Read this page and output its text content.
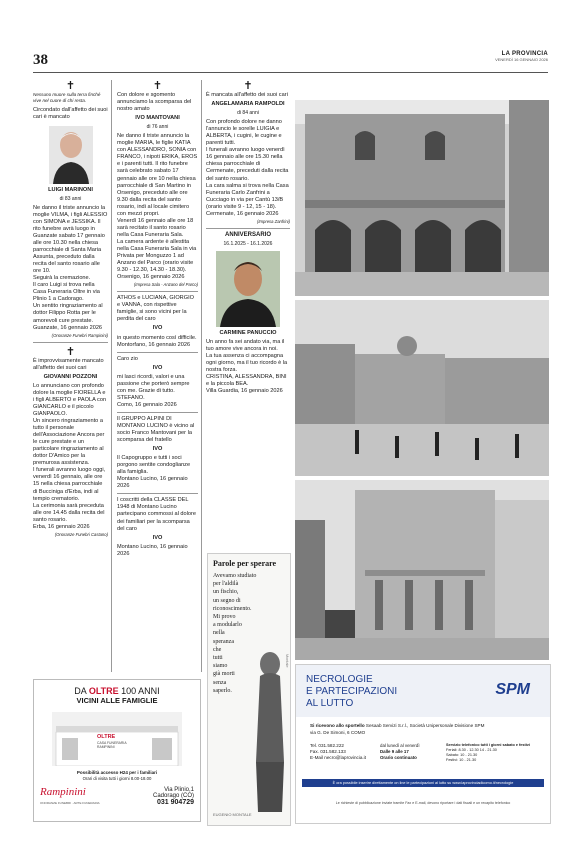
38	LA PROVINCIA
VENERDÌ 16 GENNAIO 2026
✝

Nessuno muore sulla terra finché vive nel cuore di chi resta.

Circondato dall'affetto dei suoi cari è mancato

LUIGI MARINONI
di 83 anni

Ne danno il triste annuncio la moglie VILMA, i figli ALESSIO con SIMONA e JESSIKA. Il rito funebre avrà luogo in Guanzate sabato 17 gennaio alle ore 10.30 nella chiesa parrocchiale di Santa Maria Assunta, preceduto dalla recita del santo rosario alle ore 10.

Seguirà la cremazione.

Il caro Luigi si trova nella Casa Funeraria Oltre in via Plinio 1 a Cadorago.

Un sentito ringraziamento al dottor Filippo Rotta per le amorevoli cure prestate.

Guanzate, 16 gennaio 2026

(Onoranze Funebri Rampinini)
✝

È improvvisamente mancato all'affetto dei suoi cari

GIOVANNI POZZONI

Lo annunciano con profondo dolore la moglie FIORELLA e i figli ALBERTO e PAOLA con GIANCARLO e il piccolo GIANPAOLO.

Un sincero ringraziamento a tutto il personale dell'Associazione Ancora per le cure prestate e un particolare ringraziamento al dottor D'Amico per la premurosa assistenza.

I funerali avranno luogo oggi, venerdì 16 gennaio, alle ore 15 nella chiesa parrocchiale di Bucciniga d'Erba, indi al tempio crematorio.

La cerimonia sarà preceduta alle ore 14.45 dalla recita del santo rosario.

Erba, 16 gennaio 2026

(Onoranze Funebri Castano)
✝

Con dolore e sgomento annunciamo la scomparsa del nostro amato

IVO MANTOVANI
di 76 anni

Ne danno il triste annuncio la moglie MARIA, le figlie KATIA con ALESSANDRO, SONIA con FRANCO, i nipoti ERIKA, EROS e i parenti tutti. Il rito funebre sarà celebrato sabato 17 gennaio alle ore 10 nella chiesa parrocchiale di San Martino in Orsenigo, preceduto alle ore 9.30 dalla recita del santo rosario, indi al locale cimitero con mezzi propri.

Venerdì 16 gennaio alle ore 18 sarà recitato il santo rosario nella Casa Funeraria Sala.

La camera ardente è allestita nella Casa Funeraria Sala in via Privata per Monguzzo 1 ad Anzano del Parco (orario visite 9.30 - 12.30, 14.30 - 18.30).

Orsenigo, 16 gennaio 2026

(Impresa Sala - Anzano del Parco)

ATHOS e LUCIANA, GIORGIO e VANNA, con rispettive famiglie, si sono vicini per la perdita del caro

IVO

in questo momento così difficile.

Montorfano, 16 gennaio 2026

Caro zio

IVO

mi lasci ricordi, valori e una passione che porterò sempre con me. Grazie di tutto.

STEFANO.

Como, 16 gennaio 2026

Il GRUPPO ALPINI DI MONTANO LUCINO è vicino al socio Franco Mantovani per la scomparsa del fratello

IVO

Il Capogruppo e tutti i soci porgono sentite condoglianze alla famiglia.

Montano Lucino, 16 gennaio 2026

I coscritti della CLASSE DEL 1948 di Montano Lucino partecipano commossi al dolore dei familiari per la scomparsa del caro

IVO

Montano Lucino, 16 gennaio 2026

✝

È mancata all'affetto dei suoi cari

ANGELAMARIA RAMPOLDI
di 84 anni

Con profondo dolore ne danno l'annuncio le sorelle LUIGIA e ALBERTA, i cugini, le cugine e parenti tutti.

I funerali avranno luogo venerdì 16 gennaio alle ore 15.30 nella chiesa parrocchiale di Cermenate, preceduti dalla recita del santo rosario.

La cara salma si trova nella Casa Funeraria Carlo Zanfrini a Cucciago in via per Cantù 13/B (orario visite 9 - 12, 15 - 18).

Cermenate, 16 gennaio 2026

(Impresa Zanfrini)
ANNIVERSARIO
16.1.2025 - 16.1.2026
CARMINE PANUCCIO

Un anno fa sei andato via, ma il tuo amore vive ancora in noi.

La tua assenza ci accompagna ogni giorno, ma il tuo ricordo è la nostra forza.

CRISTINA, ALESSANDRA, BINI e la piccola BEA.

Villa Guardia, 16 gennaio 2026

Parole per sperare
Avevamo studiato
per l'aldilà
un fischio,
un segno di
riconoscimento.
Mi provo
a modularlo
nella
speranza
che
tutti
siamo
già morti
senza
saperlo.
Montale
EUGENIO MONTALE
DA OLTRE 100 ANNI
VICINI ALLE FAMIGLIE
OLTRE
CASA FUNERARIA
RAMPININI
Possibilità accesso H24 per i familiari
Orari di visita tutti i giorni 8.00-18.00
Rampinini
ONORANZE FUNEBRI · ARTE FUNERARIA
Via Plinio,1
Cadorago (CO)
031 904729
NECROLOGIE
E PARTECIPAZIONI
AL LUTTO
SPM
Si ricevono allo sportello Sesaab Servizi S.r.l., Società Unipersonale Divisione SPM
via G. De Simoni, 6 COMO
Tel. 031.582.222
Fax. 031.582.133
E-Mail necro@laprovincia.it
dal lunedì al venerdì
Dalle 9 alle 17
Orario continuato
Servizio telefonico tutti i giorni sabato e festivi
Feriali: 8.30 - 12.30 14 - 21.30
Sabato: 10 - 21.30
Festivi: 10 - 21.30
È ora possibile inserire direttamente on line le partecipazioni al lutto su www.laprovinciadicomo.it/necrologie
Le richieste di pubblicazione inviate tramite Fax e E-mail, devono riportare i dati fiscali e un recapito telefonico
